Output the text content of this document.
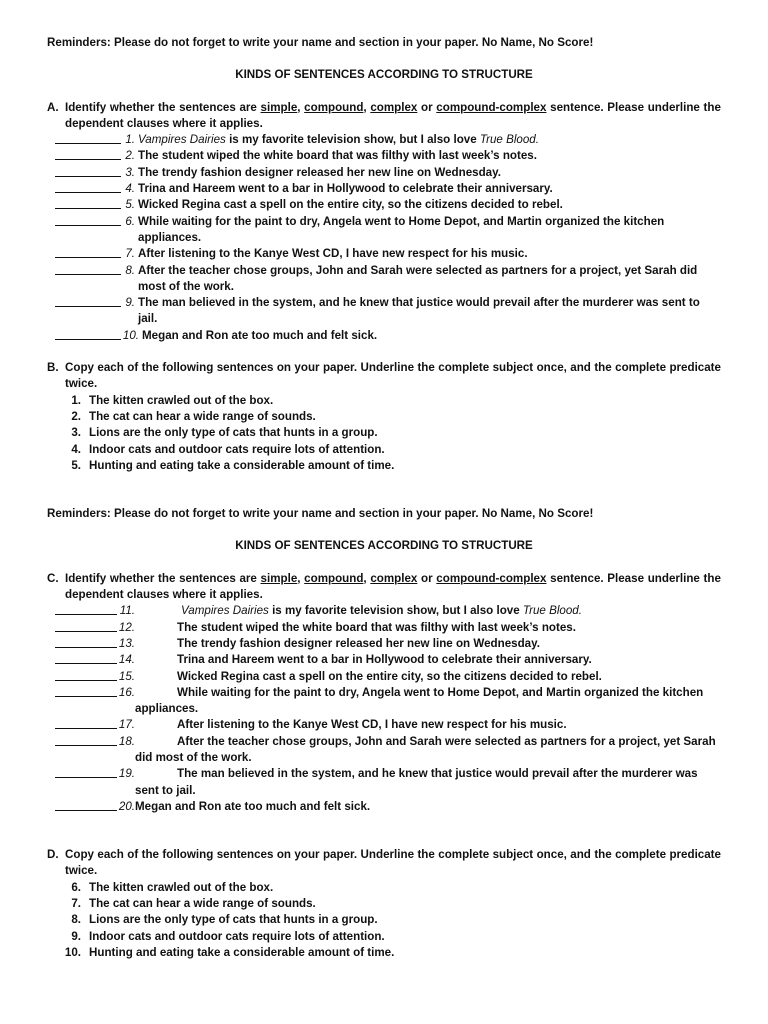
Reminders: Please do not forget to write your name and section in your paper. No Name, No Score!
KINDS OF SENTENCES ACCORDING TO STRUCTURE
A. Identify whether the sentences are simple, compound, complex or compound-complex sentence. Please underline the dependent clauses where it applies.
1. Vampires Dairies is my favorite television show, but I also love True Blood.
2. The student wiped the white board that was filthy with last week’s notes.
3. The trendy fashion designer released her new line on Wednesday.
4. Trina and Hareem went to a bar in Hollywood to celebrate their anniversary.
5. Wicked Regina cast a spell on the entire city, so the citizens decided to rebel.
6. While waiting for the paint to dry, Angela went to Home Depot, and Martin organized the kitchen appliances.
7. After listening to the Kanye West CD, I have new respect for his music.
8. After the teacher chose groups, John and Sarah were selected as partners for a project, yet Sarah did most of the work.
9. The man believed in the system, and he knew that justice would prevail after the murderer was sent to jail.
10. Megan and Ron ate too much and felt sick.
B. Copy each of the following sentences on your paper. Underline the complete subject once, and the complete predicate twice.
1. The kitten crawled out of the box.
2. The cat can hear a wide range of sounds.
3. Lions are the only type of cats that hunts in a group.
4. Indoor cats and outdoor cats require lots of attention.
5. Hunting and eating take a considerable amount of time.
Reminders: Please do not forget to write your name and section in your paper. No Name, No Score!
KINDS OF SENTENCES ACCORDING TO STRUCTURE
C. Identify whether the sentences are simple, compound, complex or compound-complex sentence. Please underline the dependent clauses where it applies.
11.	Vampires Dairies is my favorite television show, but I also love True Blood.
12.	The student wiped the white board that was filthy with last week’s notes.
13.	The trendy fashion designer released her new line on Wednesday.
14.	Trina and Hareem went to a bar in Hollywood to celebrate their anniversary.
15.	Wicked Regina cast a spell on the entire city, so the citizens decided to rebel.
16.	While waiting for the paint to dry, Angela went to Home Depot, and Martin organized the kitchen appliances.
17.	After listening to the Kanye West CD, I have new respect for his music.
18.	After the teacher chose groups, John and Sarah were selected as partners for a project, yet Sarah did most of the work.
19.	The man believed in the system, and he knew that justice would prevail after the murderer was sent to jail.
20. Megan and Ron ate too much and felt sick.
D. Copy each of the following sentences on your paper. Underline the complete subject once, and the complete predicate twice.
6. The kitten crawled out of the box.
7. The cat can hear a wide range of sounds.
8. Lions are the only type of cats that hunts in a group.
9. Indoor cats and outdoor cats require lots of attention.
10. Hunting and eating take a considerable amount of time.
